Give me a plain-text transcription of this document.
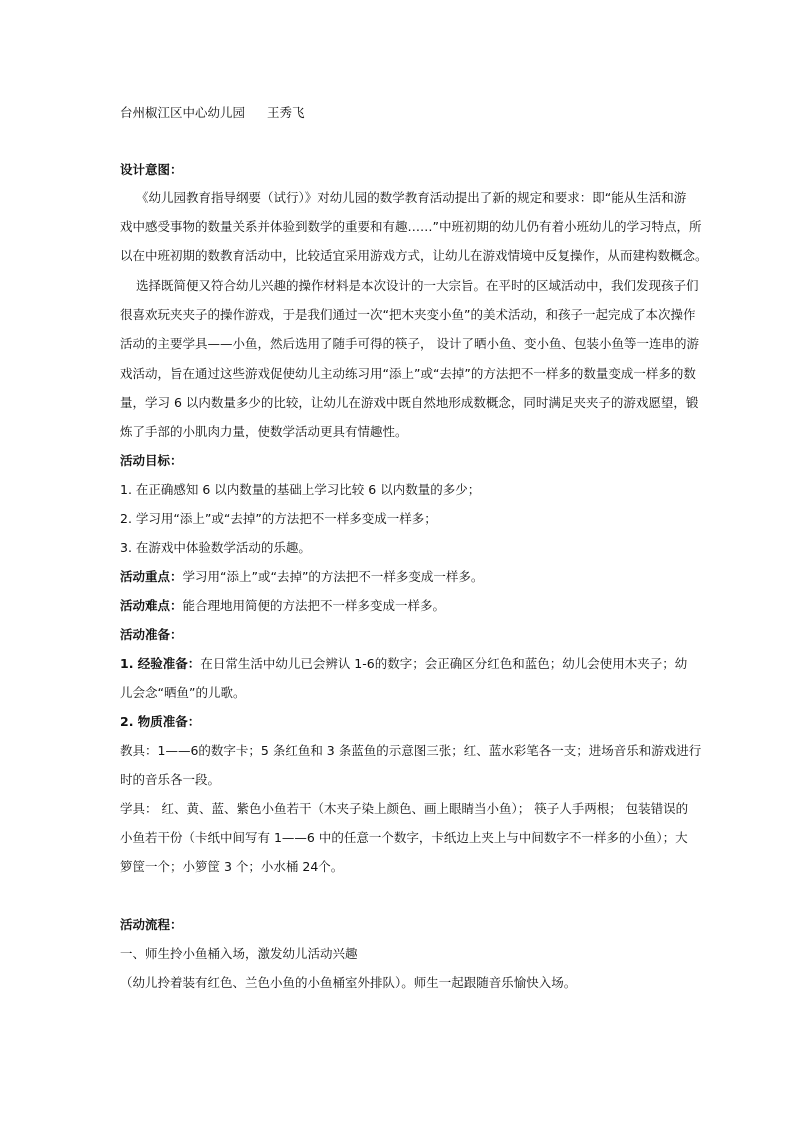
台州椒江区中心幼儿园 王秀飞
设计意图：
《幼儿园教育指导纲要（试行）》对幼儿园的数学教育活动提出了新的规定和要求：即“能从生活和游
戏中感受事物的数量关系并体验到数学的重要和有趣……”中班初期的幼儿仍有着小班幼儿的学习特点，所
以在中班初期的数教育活动中，比较适宜采用游戏方式，让幼儿在游戏情境中反复操作，从而建构数概念。
选择既简便又符合幼儿兴趣的操作材料是本次设计的一大宗旨。在平时的区域活动中，我们发现孩子们
很喜欢玩夹夹子的操作游戏，于是我们通过一次“把木夹变小鱼”的美术活动，和孩子一起完成了本次操作
活动的主要学具——小鱼，然后选用了随手可得的筷子， 设计了晒小鱼、变小鱼、包装小鱼等一连串的游
戏活动，旨在通过这些游戏促使幼儿主动练习用“添上”或“去掉”的方法把不一样多的数量变成一样多的数
量，学习 6 以内数量多少的比较，让幼儿在游戏中既自然地形成数概念，同时满足夹夹子的游戏愿望，锻
炼了手部的小肌肉力量，使数学活动更具有情趣性。
活动目标：
1. 在正确感知 6 以内数量的基础上学习比较 6 以内数量的多少；
2. 学习用“添上”或“去掉”的方法把不一样多变成一样多；
3. 在游戏中体验数学活动的乐趣。
活动重点：学习用“添上”或“去掉”的方法把不一样多变成一样多。
活动难点：能合理地用简便的方法把不一样多变成一样多。
活动准备：
1. 经验准备：在日常生活中幼儿已会辨认 1-6的数字；会正确区分红色和蓝色；幼儿会使用木夹子；幼
儿会念“晒鱼”的儿歌。
2. 物质准备：
教具：1——6的数字卡；5 条红鱼和 3 条蓝鱼的示意图三张；红、蓝水彩笔各一支；进场音乐和游戏进行
时的音乐各一段。
学具： 红、黄、蓝、紫色小鱼若干（木夹子染上颜色、画上眼睛当小鱼）； 筷子人手两根； 包装错误的
小鱼若干份（卡纸中间写有 1——6 中的任意一个数字，卡纸边上夹上与中间数字不一样多的小鱼）；大
箩筐一个；小箩筐 3 个；小水桶 24个。
活动流程：
一、师生拎小鱼桶入场，激发幼儿活动兴趣
（幼儿拎着装有红色、兰色小鱼的小鱼桶室外排队）。师生一起跟随音乐愉快入场。
